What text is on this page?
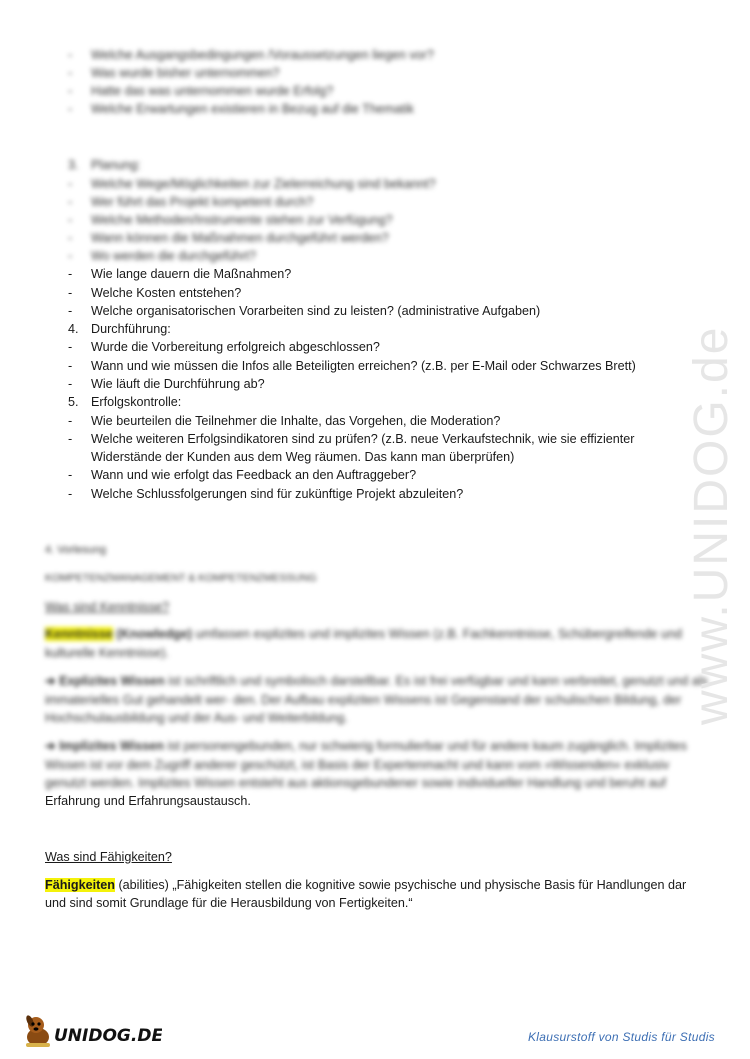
- Welche Ausgangsbedingungen /Voraussetzungen liegen vor?
- Was wurde bisher unternommen?
- Hatte das was unternommen wurde Erfolg?
- Welche Erwartungen existieren in Bezug auf die Thematik
3. Planung:
- Welche Wege/Möglichkeiten zur Zielerreichung sind bekannt?
- Wer führt das Projekt kompetent durch?
- Welche Methoden/Instrumente stehen zur Verfügung?
- Wann können die Maßnahmen durchgeführt werden?
- Wo werden die durchgeführt?
- Wie lange dauern die Maßnahmen?
- Welche Kosten entstehen?
- Welche organisatorischen Vorarbeiten sind zu leisten? (administrative Aufgaben)
4. Durchführung:
- Wurde die Vorbereitung erfolgreich abgeschlossen?
- Wann und wie müssen die Infos alle Beteiligten erreichen? (z.B. per E-Mail oder Schwarzes Brett)
- Wie läuft die Durchführung ab?
5. Erfolgskontrolle:
- Wie beurteilen die Teilnehmer die Inhalte, das Vorgehen, die Moderation?
- Welche weiteren Erfolgsindikatoren sind zu prüfen? (z.B. neue Verkaufstechnik, wie sie effizienter
Widerstände der Kunden aus dem Weg räumen. Das kann man überprüfen)
- Wann und wie erfolgt das Feedback an den Auftraggeber?
- Welche Schlussfolgerungen sind für zukünftige Projekt abzuleiten?
4. Vorlesung
KOMPETENZMANAGEMENT & KOMPETENZMESSUNG
Was sind Kenntnisse?
Kenntnisse (Knowledge) umfassen explizites und implizites Wissen (z.B. Fachkenntnisse, Schübergreifende und kulturelle Kenntnisse).
➔ Explizites Wissen ist schriftlich und symbolisch darstellbar. Es ist frei verfügbar und kann verbreitet, genutzt und als immaterielles Gut gehandelt wer- den. Der Aufbau expliziten Wissens ist Gegenstand der schulischen Bildung, der Hochschulausbildung und der Aus- und Weiterbildung.
➔ Implizites Wissen ist personengebunden, nur schwierig formulierbar und für andere kaum zugänglich. Implizites Wissen ist vor dem Zugriff anderer geschützt, ist Basis der Expertenmacht und kann vom »Wissenden« exklusiv genutzt werden. Implizites Wissen entsteht aus aktionsgebundener sowie individueller Handlung und beruht auf
Erfahrung und Erfahrungsaustausch.
Was sind Fähigkeiten?
Fähigkeiten (abilities) „Fähigkeiten stellen die kognitive sowie psychische und physische Basis für Handlungen dar
und sind somit Grundlage für die Herausbildung von Fertigkeiten.“
www.UNIDOG.de
UNIDOG.DE	Klausurstoff von Studis für Studis
